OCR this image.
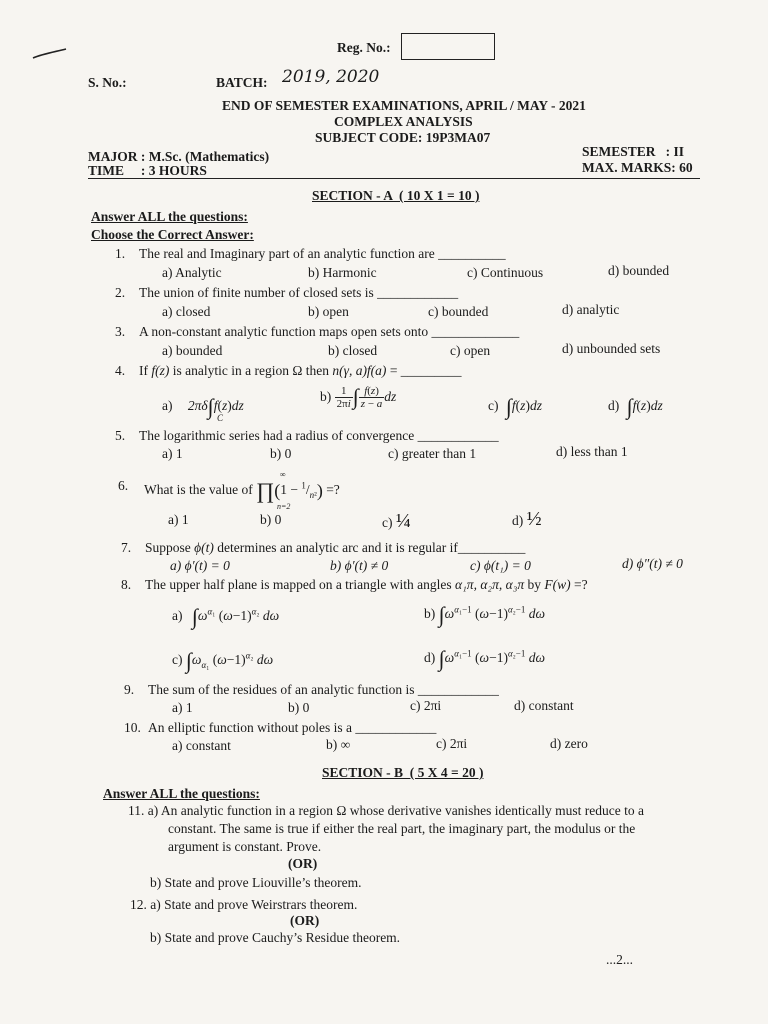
Reg. No.:
S. No.:	BATCH: 2019, 2020
END OF SEMESTER EXAMINATIONS, APRIL / MAY - 2021
COMPLEX ANALYSIS
SUBJECT CODE: 19P3MA07
MAJOR : M.Sc. (Mathematics)
TIME     : 3 HOURS
SEMESTER   : II
MAX. MARKS: 60
SECTION - A  ( 10 X 1 = 10 )
Answer ALL the questions:
Choose the Correct Answer:
1. The real and Imaginary part of an analytic function are __________
a) Analytic	b) Harmonic	c) Continuous	d) bounded
2. The union of finite number of closed sets is ____________
a) closed	b) open	c) bounded	d) analytic
3. A non-constant analytic function maps open sets onto _____________
a) bounded	b) closed	c) open	d) unbounded sets
4. If f(z) is analytic in a region Ω then n(γ, a)f(a) = _________
a) 2πδ∫f(z)dz
C
$b) \frac{1}{2\pi i}$ ∫ $\frac{f(z)}{z - a}$ dz
c) ∫f(z)dz	d) ∫f(z)dz
5. The logarithmic series had a radius of convergence ____________
a) 1	b) 0	c) greater than 1	d) less than 1
6. What is the value of ∏(1 − $^1/_{n^2}$) =?
∞
n=2
a) 1	b) 0	c) ¼	d) ½
7. Suppose ϕ(t) determines an analytic arc and it is regular if__________
a) ϕ′(t) = 0	b) ϕ′(t) ≠ 0	c) ϕ(t₁) = 0	d) ϕ″(t) ≠ 0
8. The upper half plane is mapped on a triangle with angles α₁π, α₂π, α₃π by F(w) =?
a) $\int\omega^{\alpha_1}$ $(\omega-1)^{\alpha_2}$ dω	b) $\int\omega^{\alpha_1-1}$ $(\omega-1)^{\alpha_2-1}$ dω
c) $\int\omega_{\alpha_1}$ $(\omega-1)^{\alpha_2}$ dω	d) $\int\omega^{\alpha_1-1}$ $(\omega-1)^{\alpha_2-1}$ dω
9. The sum of the residues of an analytic function is ____________
a) 1	b) 0	c) 2πi	d) constant
10. An elliptic function without poles is a ____________
a) constant	b) ∞	c) 2πi	d) zero
SECTION - B  ( 5 X 4 = 20 )
Answer ALL the questions:
11. a) An analytic function in a region Ω whose derivative vanishes identically must reduce to a
constant. The same is true if either the real part, the imaginary part, the modulus or the
argument is constant. Prove.
(OR)
b) State and prove Liouville’s theorem.
12. a) State and prove Weirstrars theorem.
(OR)
b) State and prove Cauchy’s Residue theorem.
...2...
